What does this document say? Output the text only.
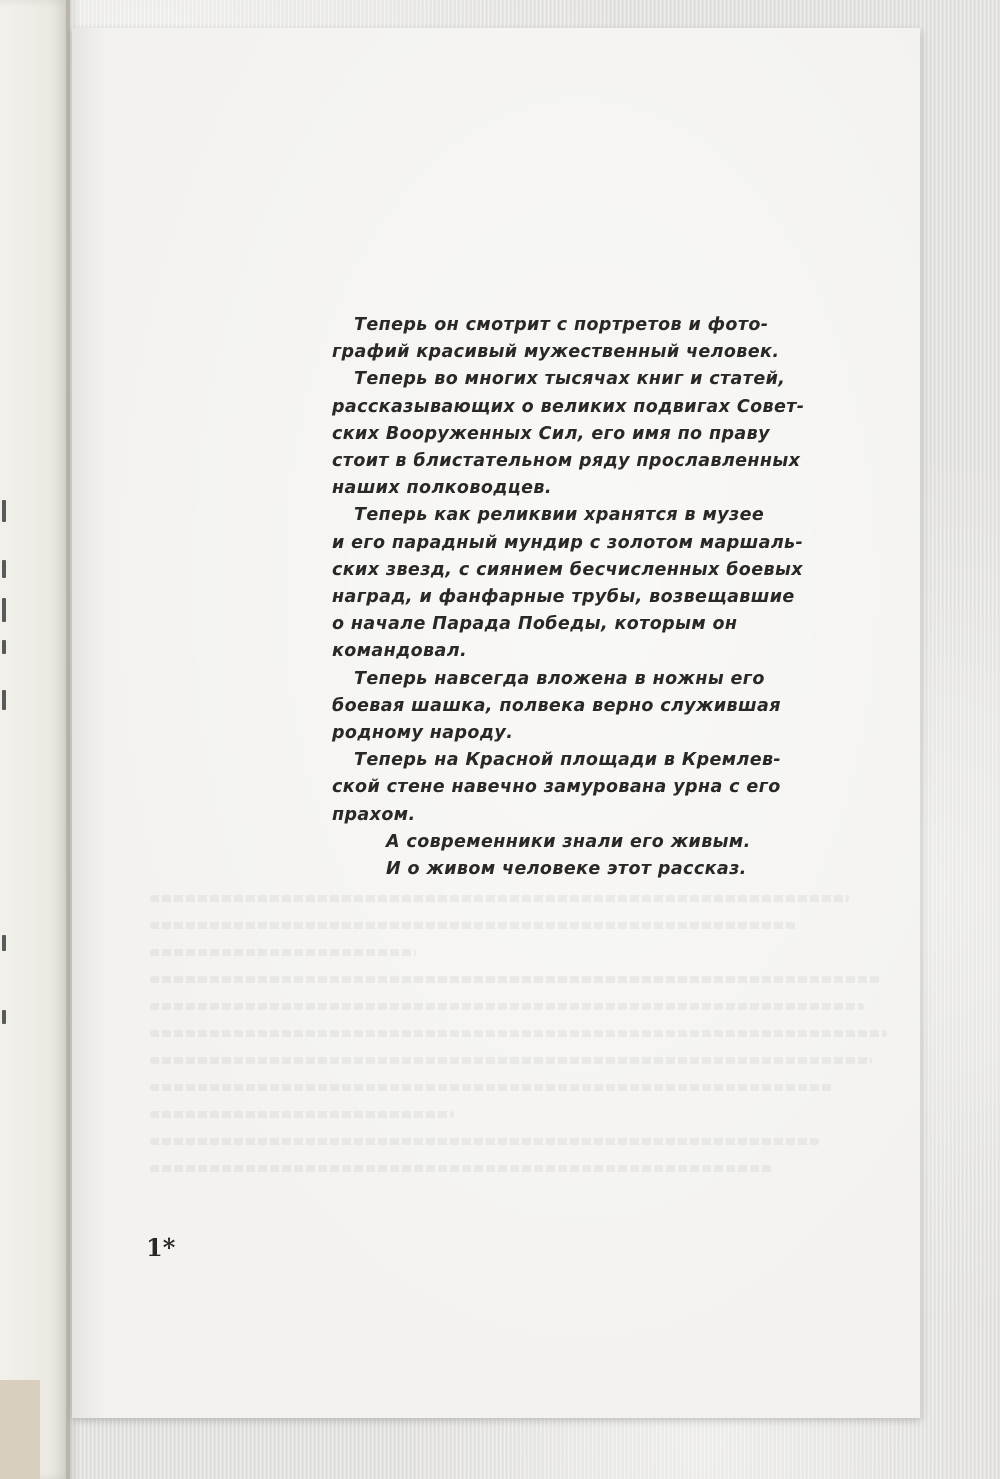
Теперь он смотрит с портретов и фото-
графий красивый мужественный человек.

Теперь во многих тысячах книг и статей,
рассказывающих о великих подвигах Совет-
ских Вооруженных Сил, его имя по праву
стоит в блистательном ряду прославленных
наших полководцев.

Теперь как реликвии хранятся в музее
и его парадный мундир с золотом маршаль-
ских звезд, с сиянием бесчисленных боевых
наград, и фанфарные трубы, возвещавшие
о начале Парада Победы, которым он
командовал.

Теперь навсегда вложена в ножны его
боевая шашка, полвека верно служившая
родному народу.

Теперь на Красной площади в Кремлев-
ской стене навечно замурована урна с его
прахом.

А современники знали его живым.

И о живом человеке этот рассказ.

1*
